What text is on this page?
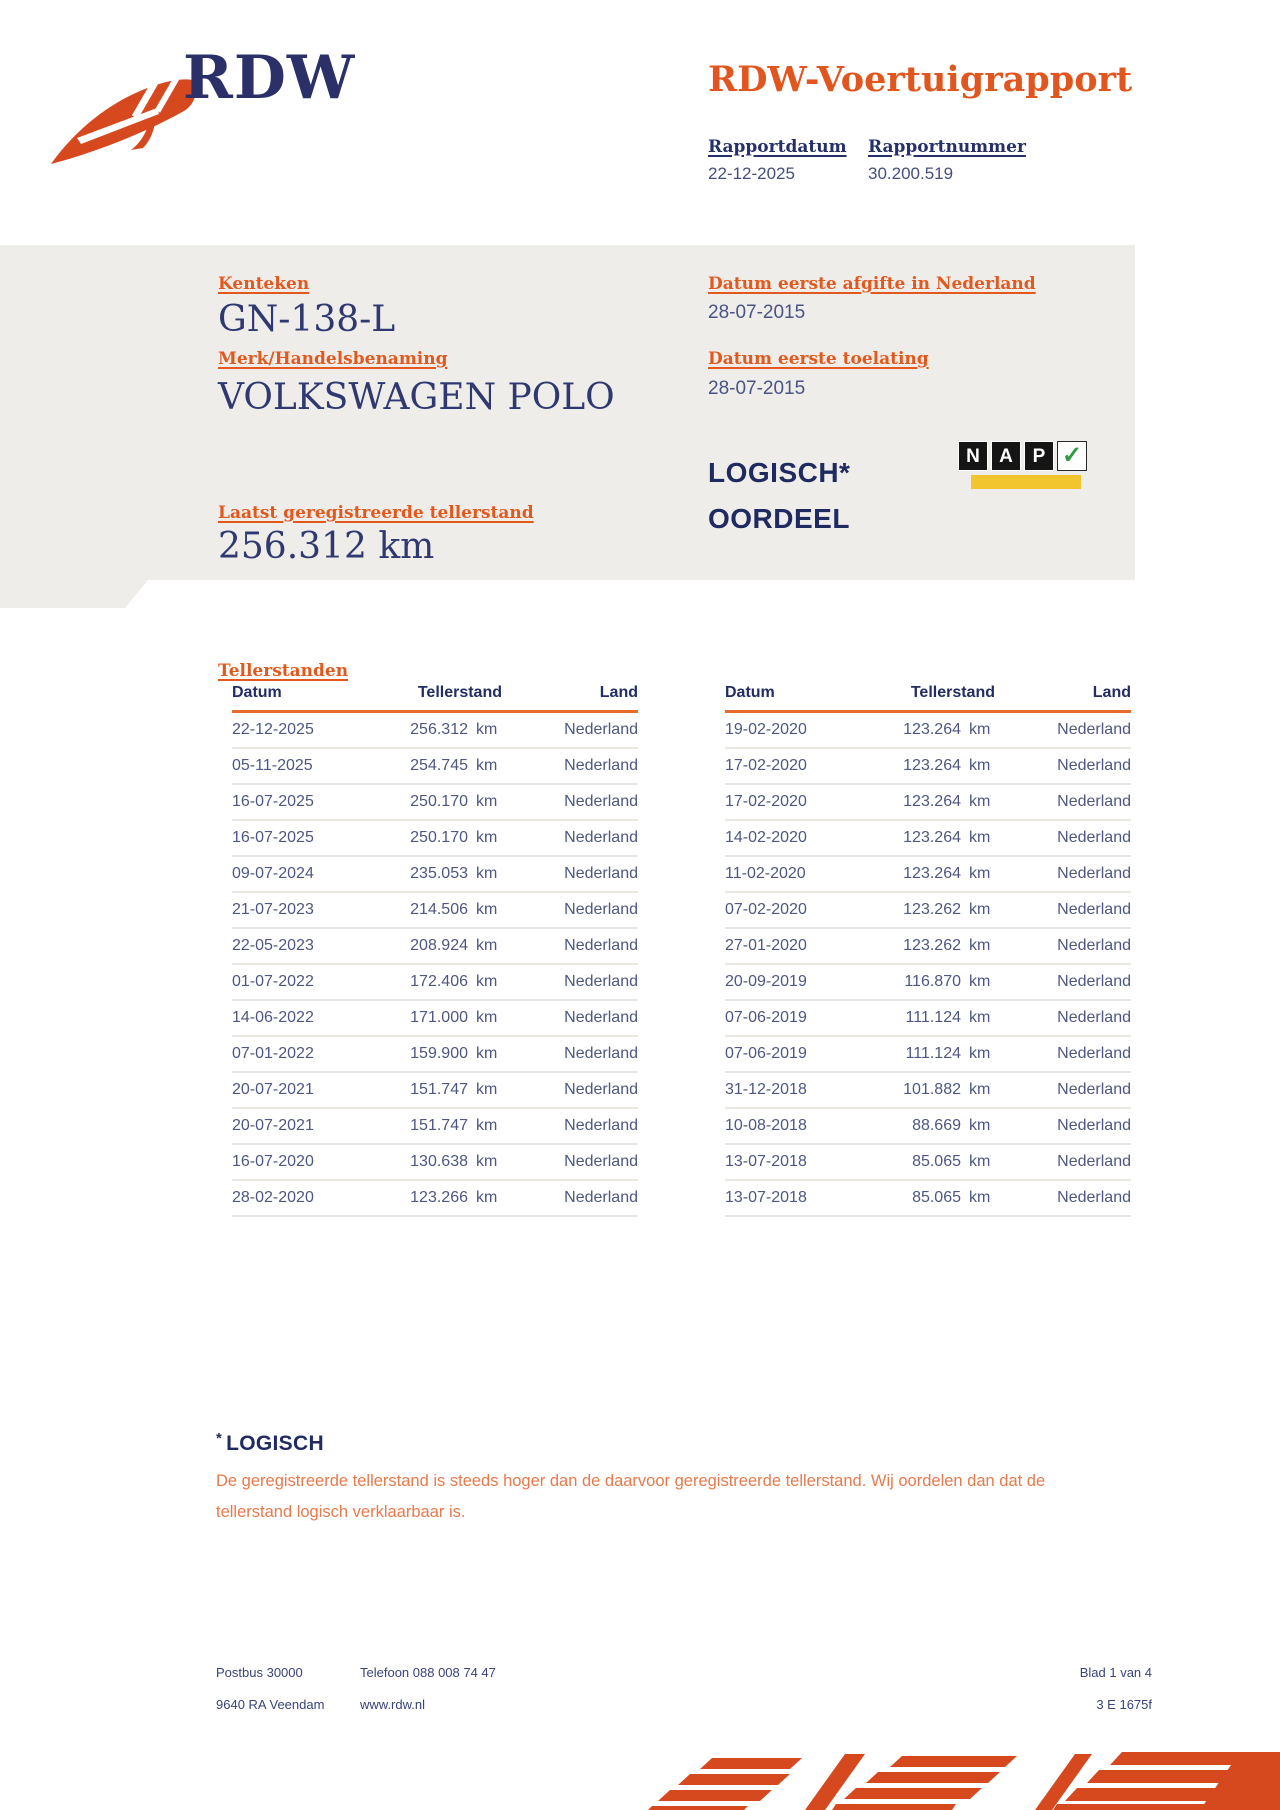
RDW	RDW-Voertuigrapport
Rapportdatum Rapportnummer
22-12-2025	30.200.519
Kenteken
GN-138-L
Merk/Handelsbenaming
VOLKSWAGEN POLO
Datum eerste afgifte in Nederland
28-07-2015
Datum eerste toelating
28-07-2015
LOGISCH*
OORDEEL
N	A	P ✓
Laatst geregistreerde tellerstand
256.312 km
Tellerstanden
Datum	Tellerstand	Land
22-12-2025	256.312 km	Nederland
05-11-2025	254.745 km	Nederland
16-07-2025	250.170 km	Nederland
16-07-2025	250.170 km	Nederland
09-07-2024	235.053 km	Nederland
21-07-2023	214.506 km	Nederland
22-05-2023	208.924 km	Nederland
01-07-2022	172.406 km	Nederland
14-06-2022	171.000 km	Nederland
07-01-2022	159.900 km	Nederland
20-07-2021	151.747 km	Nederland
20-07-2021	151.747 km	Nederland
16-07-2020	130.638 km	Nederland
28-02-2020	123.266 km	Nederland
Datum	Tellerstand	Land
19-02-2020	123.264 km	Nederland
17-02-2020	123.264 km	Nederland
17-02-2020	123.264 km	Nederland
14-02-2020	123.264 km	Nederland
11-02-2020	123.264 km	Nederland
07-02-2020	123.262 km	Nederland
27-01-2020	123.262 km	Nederland
20-09-2019	116.870 km	Nederland
07-06-2019	111.124 km	Nederland
07-06-2019	111.124 km	Nederland
31-12-2018	101.882 km	Nederland
10-08-2018	88.669 km	Nederland
13-07-2018	85.065 km	Nederland
13-07-2018	85.065 km	Nederland
* LOGISCH
De geregistreerde tellerstand is steeds hoger dan de daarvoor geregistreerde tellerstand. Wij oordelen dan dat de tellerstand logisch verklaarbaar is.
Postbus 30000
9640 RA Veendam
Telefoon 088 008 74 47
www.rdw.nl
Blad 1 van 4
3 E 1675f
